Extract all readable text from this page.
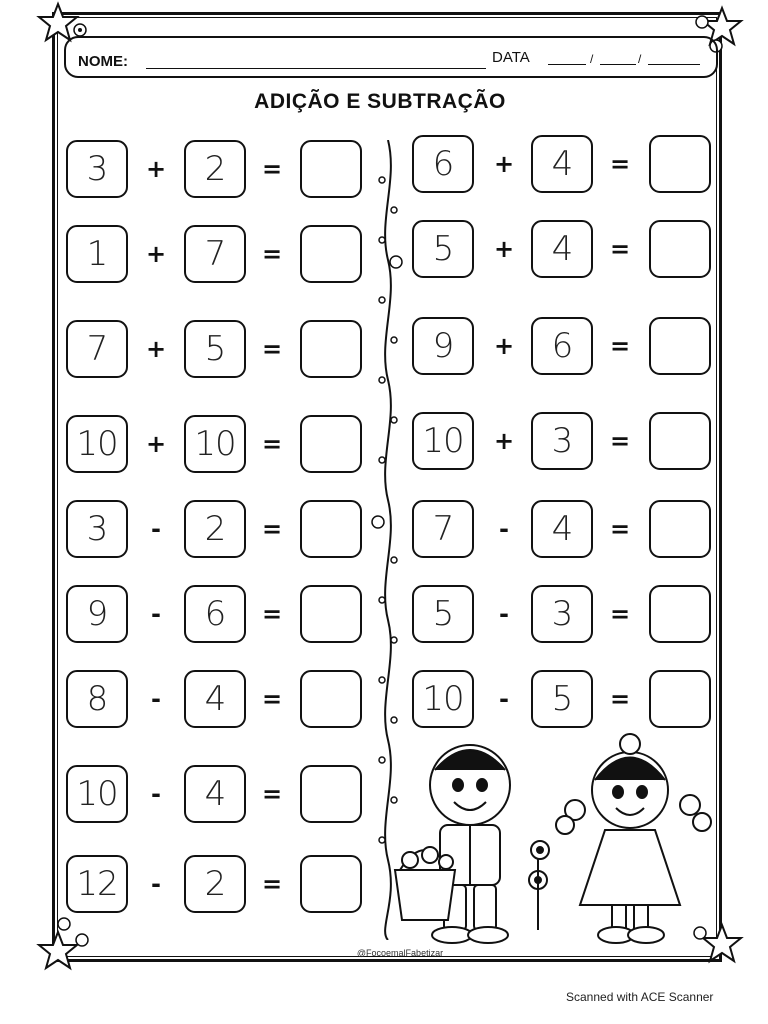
NOME:	DATA	/	/
ADIÇÃO E SUBTRAÇÃO
3	+	2	=
1	+	7	=
7	+	5	=
10	+ 10	=
3	-	2	=
9	-	6	=
8	-	4	=
10	-	4	=
12	-	2	=
6	+	4	=
5	+	4	=
9	+	6	=
10	+	3	=
7	-	4	=
5	-	3	=
10	-	5	=
@FocoemalFabetizar
Scanned with ACE Scanner
